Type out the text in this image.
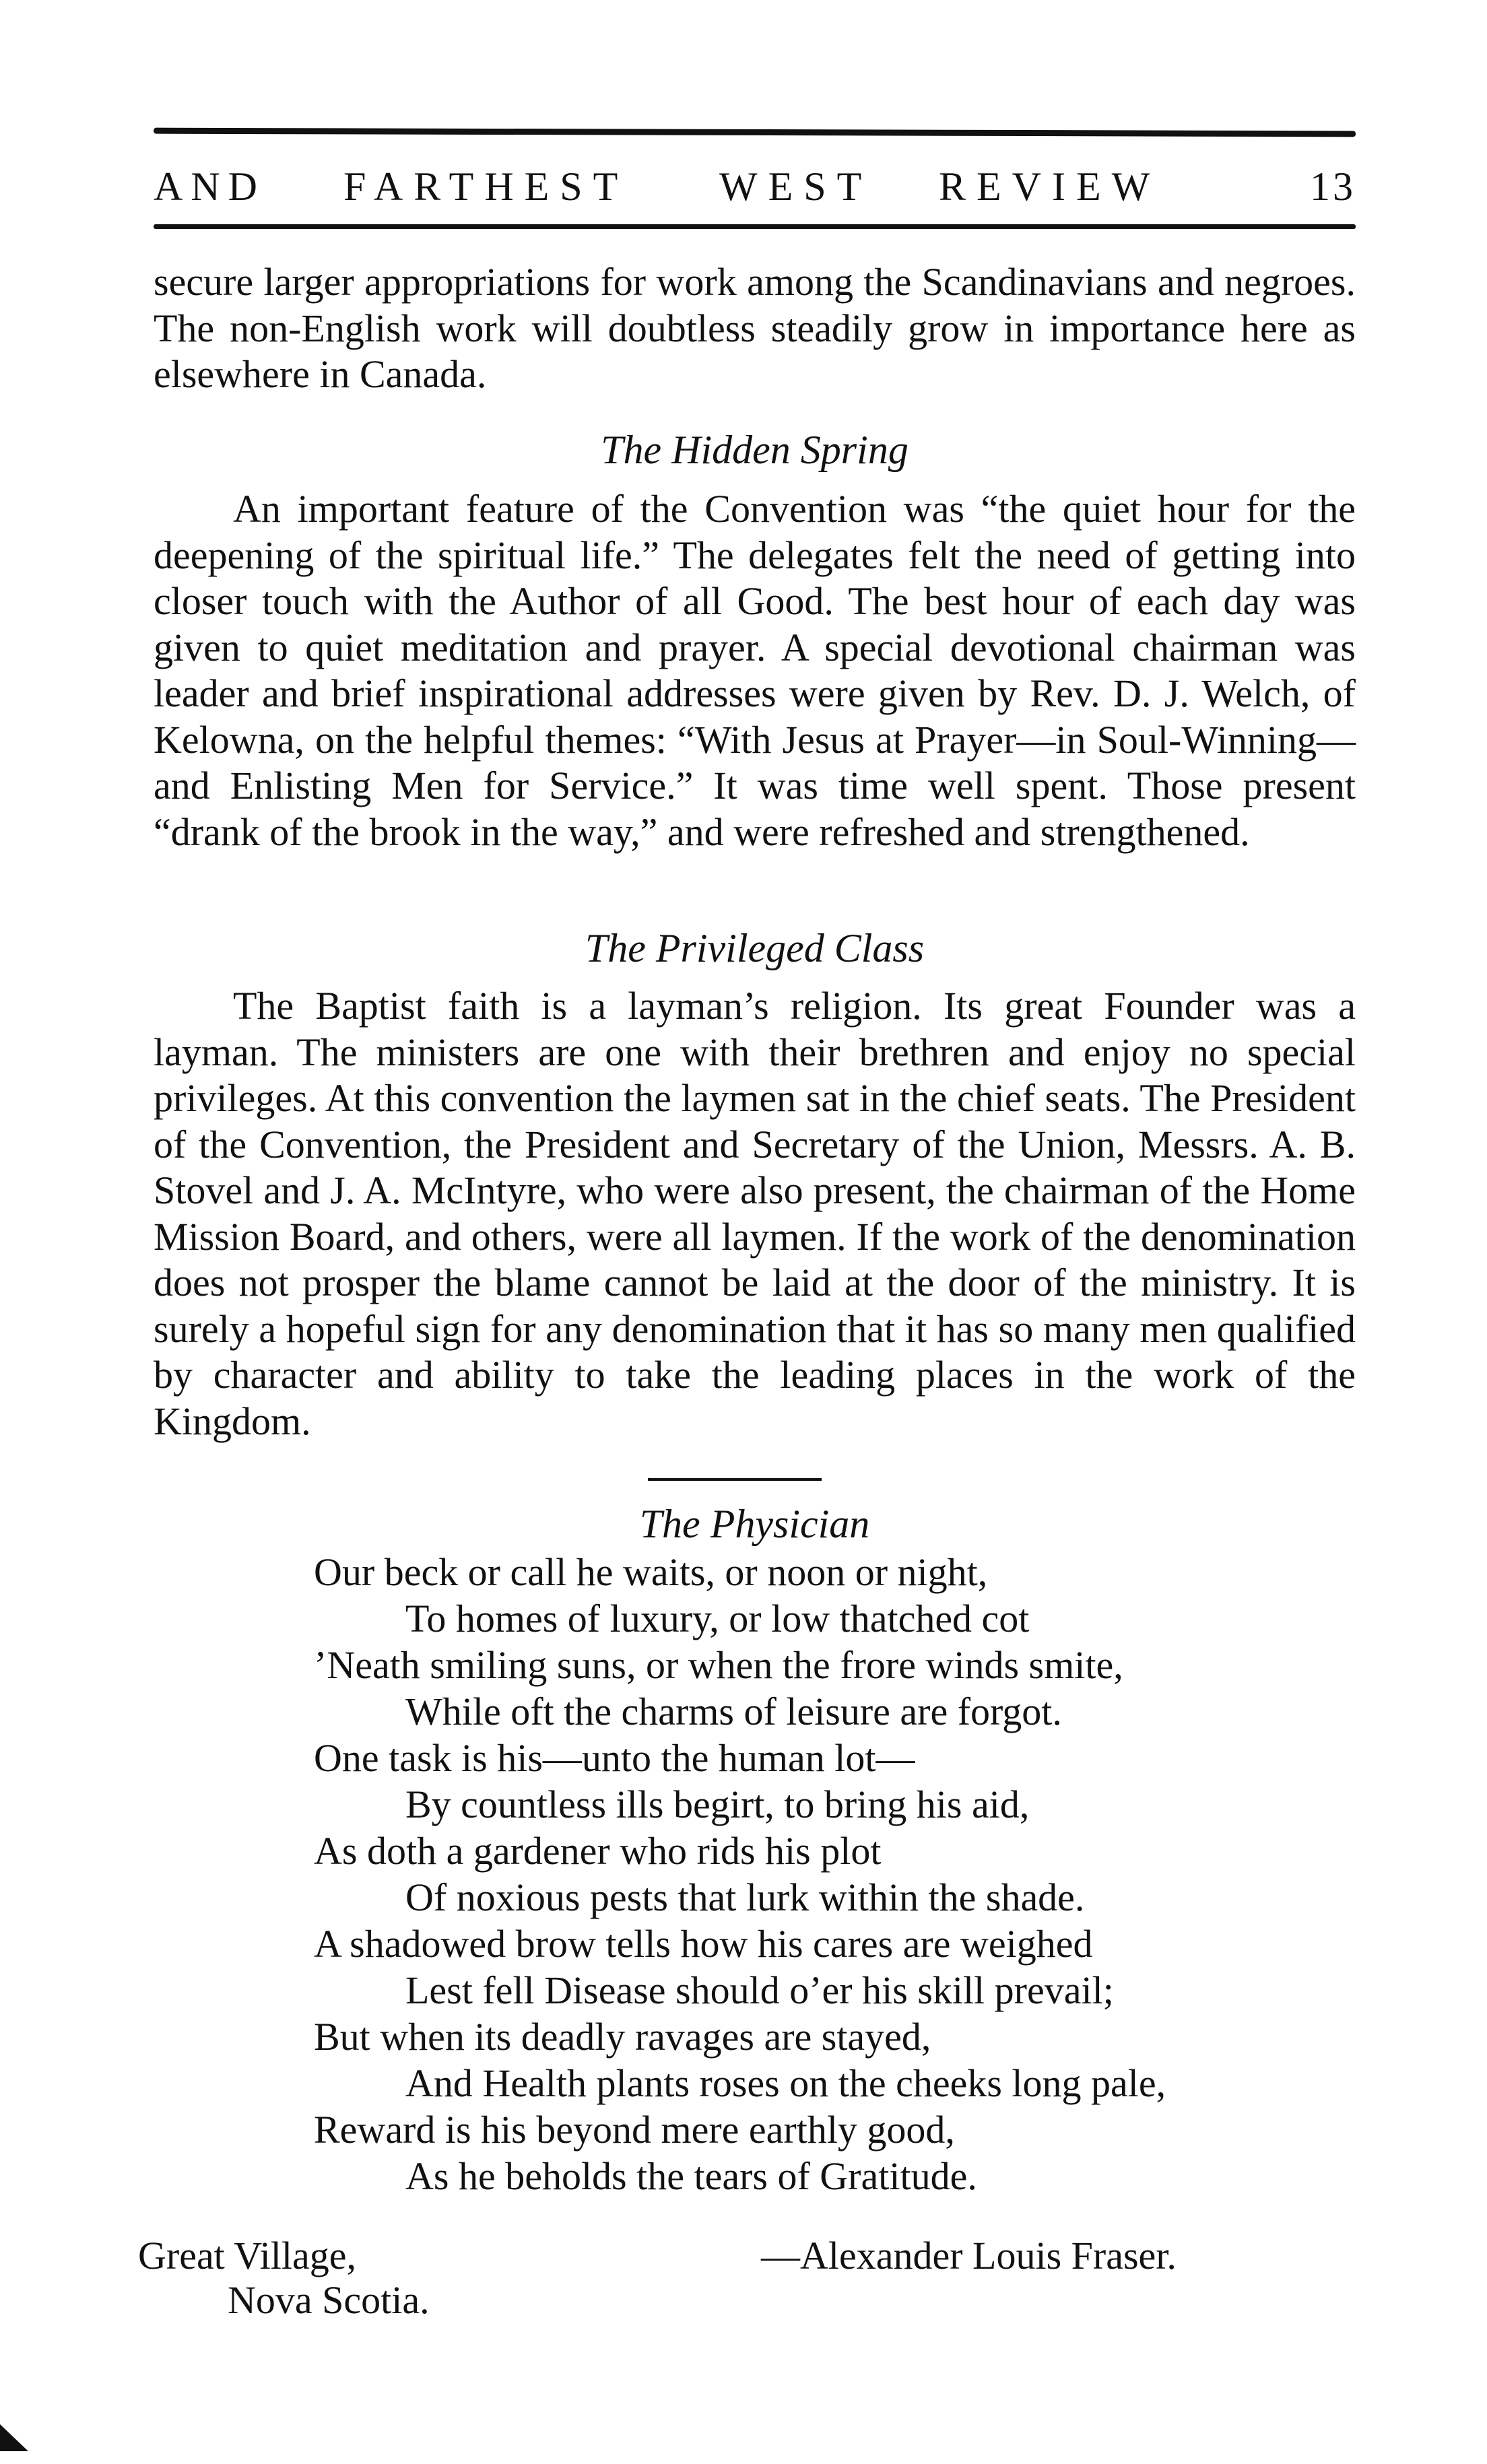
AND FARTHEST WEST REVIEW	13

secure larger appropriations for work among the Scandinavians and negroes. The non-English work will doubtless steadily grow in importance here as elsewhere in Canada.

The Hidden Spring

An important feature of the Convention was “the quiet hour for the deepening of the spiritual life.” The delegates felt the need of getting into closer touch with the Author of all Good. The best hour of each day was given to quiet meditation and prayer. A special devotional chairman was leader and brief inspirational addresses were given by Rev. D. J. Welch, of Kelowna, on the helpful themes: “With Jesus at Prayer—in Soul-Winning—and Enlisting Men for Service.” It was time well spent. Those present “drank of the brook in the way,” and were refreshed and strengthened.

The Privileged Class

The Baptist faith is a layman’s religion. Its great Founder was a layman. The ministers are one with their brethren and enjoy no special privileges. At this convention the laymen sat in the chief seats. The President of the Convention, the President and Secretary of the Union, Messrs. A. B. Stovel and J. A. McIntyre, who were also present, the chairman of the Home Mission Board, and others, were all laymen. If the work of the denomination does not prosper the blame cannot be laid at the door of the ministry. It is surely a hopeful sign for any denomination that it has so many men qualified by character and ability to take the leading places in the work of the Kingdom.

The Physician
Our beck or call he waits, or noon or night,
To homes of luxury, or low thatched cot
’Neath smiling suns, or when the frore winds smite,
While oft the charms of leisure are forgot.
One task is his—unto the human lot—
By countless ills begirt, to bring his aid,
As doth a gardener who rids his plot
Of noxious pests that lurk within the shade.
A shadowed brow tells how his cares are weighed
Lest fell Disease should o’er his skill prevail;
But when its deadly ravages are stayed,
And Health plants roses on the cheeks long pale,
Reward is his beyond mere earthly good,
As he beholds the tears of Gratitude.
Great Village,
Nova Scotia.
—Alexander Louis Fraser.
